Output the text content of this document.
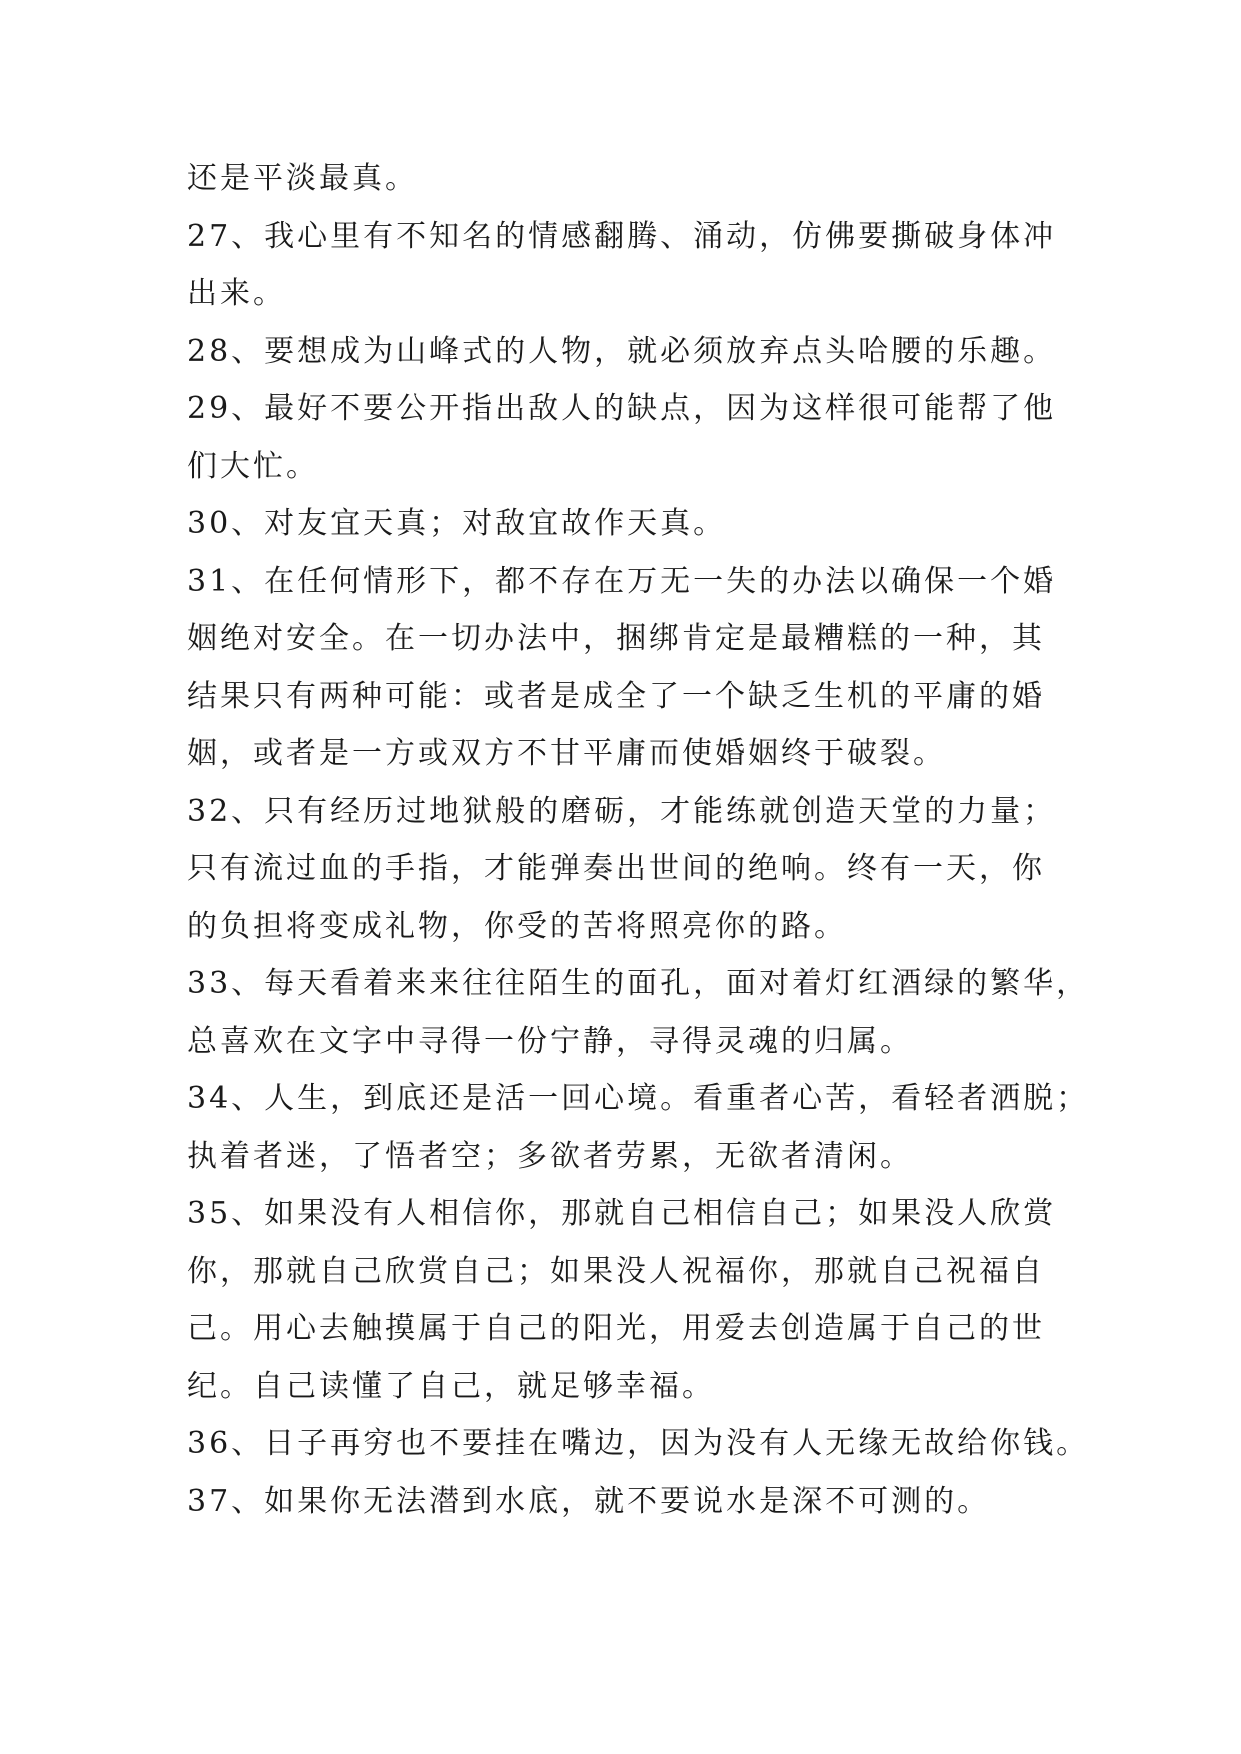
还是平淡最真。
27、我心里有不知名的情感翻腾、涌动，仿佛要撕破身体冲
出来。
28、要想成为山峰式的人物，就必须放弃点头哈腰的乐趣。
29、最好不要公开指出敌人的缺点，因为这样很可能帮了他
们大忙。
30、对友宜天真；对敌宜故作天真。
31、在任何情形下，都不存在万无一失的办法以确保一个婚
姻绝对安全。在一切办法中，捆绑肯定是最糟糕的一种，其
结果只有两种可能：或者是成全了一个缺乏生机的平庸的婚
姻，或者是一方或双方不甘平庸而使婚姻终于破裂。
32、只有经历过地狱般的磨砺，才能练就创造天堂的力量；
只有流过血的手指，才能弹奏出世间的绝响。终有一天，你
的负担将变成礼物，你受的苦将照亮你的路。
33、每天看着来来往往陌生的面孔，面对着灯红酒绿的繁华，
总喜欢在文字中寻得一份宁静，寻得灵魂的归属。
34、人生，到底还是活一回心境。看重者心苦，看轻者洒脱；
执着者迷，了悟者空；多欲者劳累，无欲者清闲。
35、如果没有人相信你，那就自己相信自己；如果没人欣赏
你，那就自己欣赏自己；如果没人祝福你，那就自己祝福自
己。用心去触摸属于自己的阳光，用爱去创造属于自己的世
纪。自己读懂了自己，就足够幸福。
36、日子再穷也不要挂在嘴边，因为没有人无缘无故给你钱。
37、如果你无法潜到水底，就不要说水是深不可测的。
